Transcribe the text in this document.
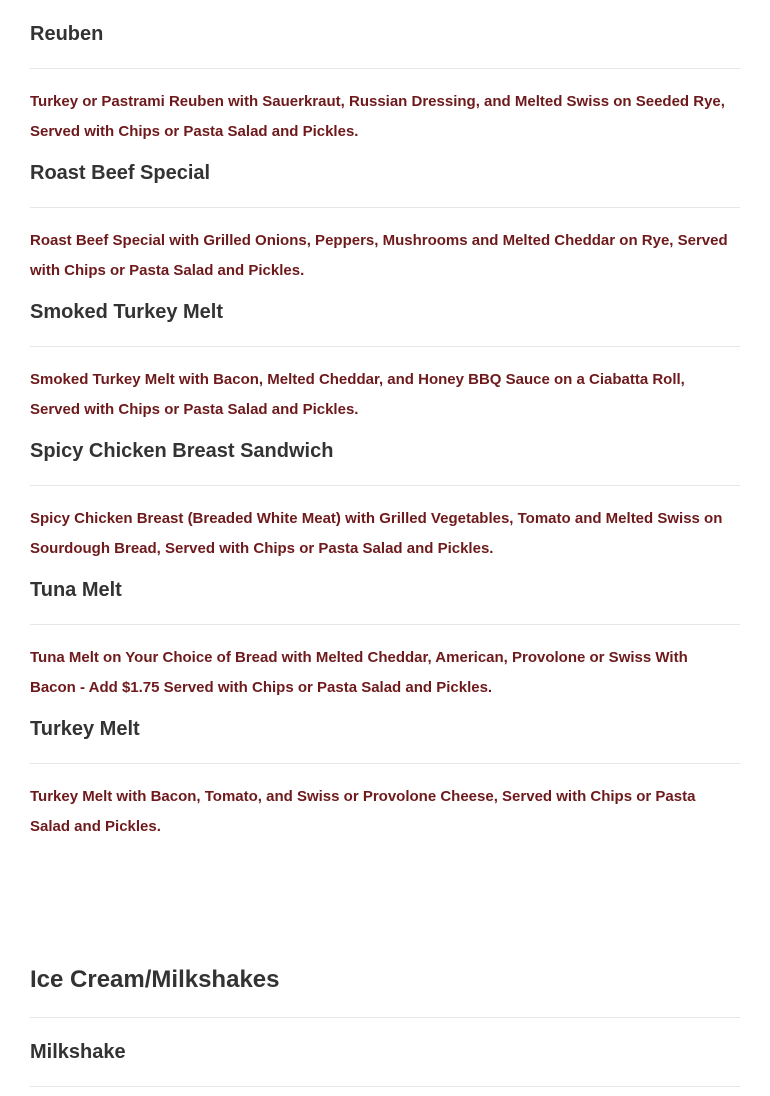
Reuben

Turkey or Pastrami Reuben with Sauerkraut, Russian Dressing, and Melted Swiss on Seeded Rye, Served with Chips or Pasta Salad and Pickles.

Roast Beef Special

Roast Beef Special with Grilled Onions, Peppers, Mushrooms and Melted Cheddar on Rye, Served with Chips or Pasta Salad and Pickles.

Smoked Turkey Melt

Smoked Turkey Melt with Bacon, Melted Cheddar, and Honey BBQ Sauce on a Ciabatta Roll, Served with Chips or Pasta Salad and Pickles.

Spicy Chicken Breast Sandwich

Spicy Chicken Breast (Breaded White Meat) with Grilled Vegetables, Tomato and Melted Swiss on Sourdough Bread, Served with Chips or Pasta Salad and Pickles.

Tuna Melt

Tuna Melt on Your Choice of Bread with Melted Cheddar, American, Provolone or Swiss With Bacon - Add $1.75 Served with Chips or Pasta Salad and Pickles.

Turkey Melt

Turkey Melt with Bacon, Tomato, and Swiss or Provolone Cheese, Served with Chips or Pasta Salad and Pickles.

Ice Cream/Milkshakes
Milkshake
